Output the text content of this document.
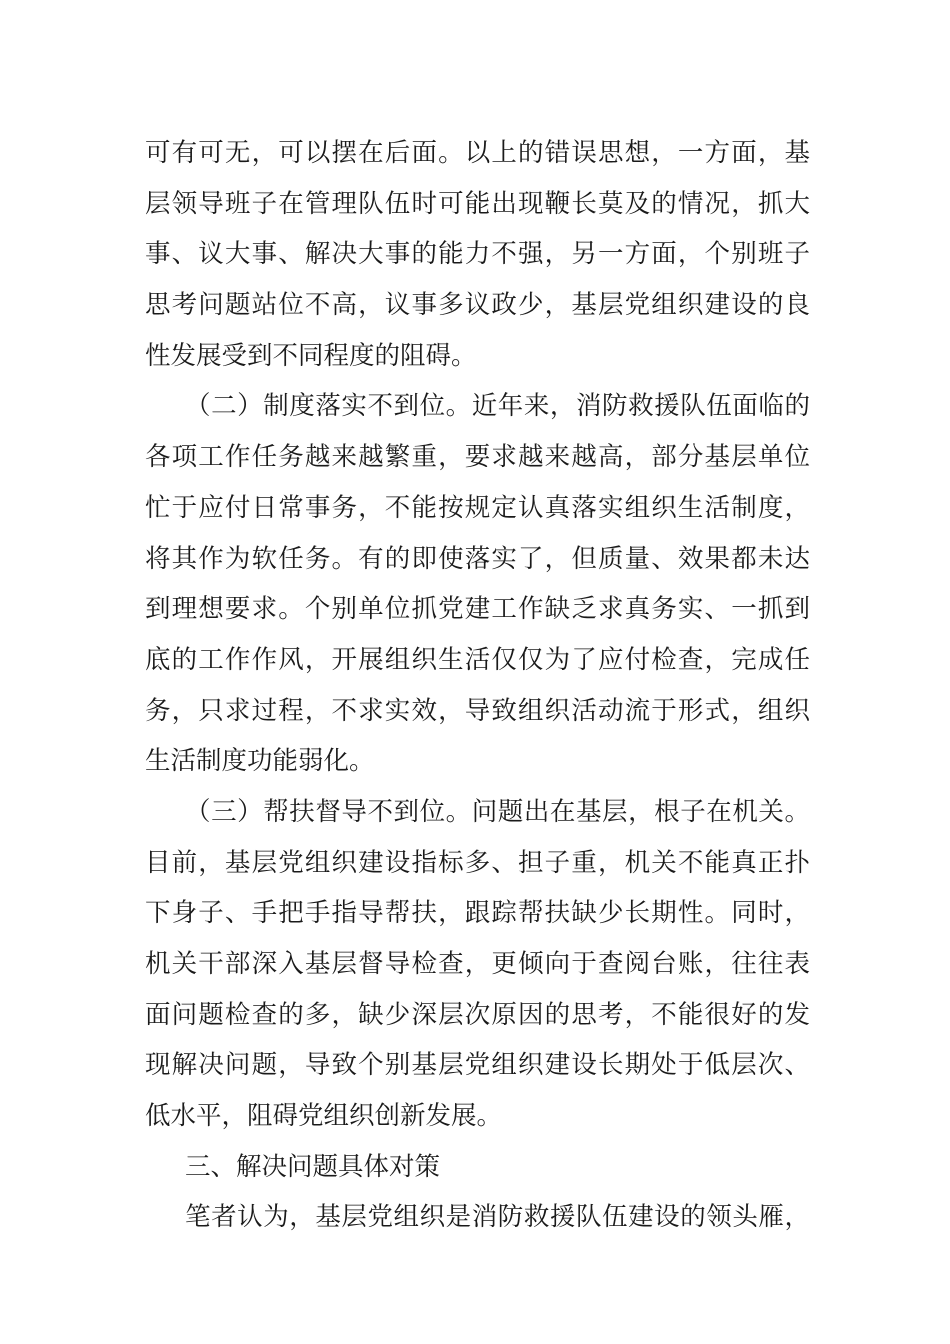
可有可无，可以摆在后面。以上的错误思想，一方面，基
层领导班子在管理队伍时可能出现鞭长莫及的情况，抓大
事、议大事、解决大事的能力不强，另一方面，个别班子
思考问题站位不高，议事多议政少，基层党组织建设的良
性发展受到不同程度的阻碍。
（二）制度落实不到位。近年来，消防救援队伍面临的
各项工作任务越来越繁重，要求越来越高，部分基层单位
忙于应付日常事务，不能按规定认真落实组织生活制度，
将其作为软任务。有的即使落实了，但质量、效果都未达
到理想要求。个别单位抓党建工作缺乏求真务实、一抓到
底的工作作风，开展组织生活仅仅为了应付检查，完成任
务，只求过程，不求实效，导致组织活动流于形式，组织
生活制度功能弱化。
（三）帮扶督导不到位。问题出在基层，根子在机关。
目前，基层党组织建设指标多、担子重，机关不能真正扑
下身子、手把手指导帮扶，跟踪帮扶缺少长期性。同时，
机关干部深入基层督导检查，更倾向于查阅台账，往往表
面问题检查的多，缺少深层次原因的思考，不能很好的发
现解决问题，导致个别基层党组织建设长期处于低层次、
低水平，阻碍党组织创新发展。
三、解决问题具体对策
笔者认为，基层党组织是消防救援队伍建设的领头雁，
